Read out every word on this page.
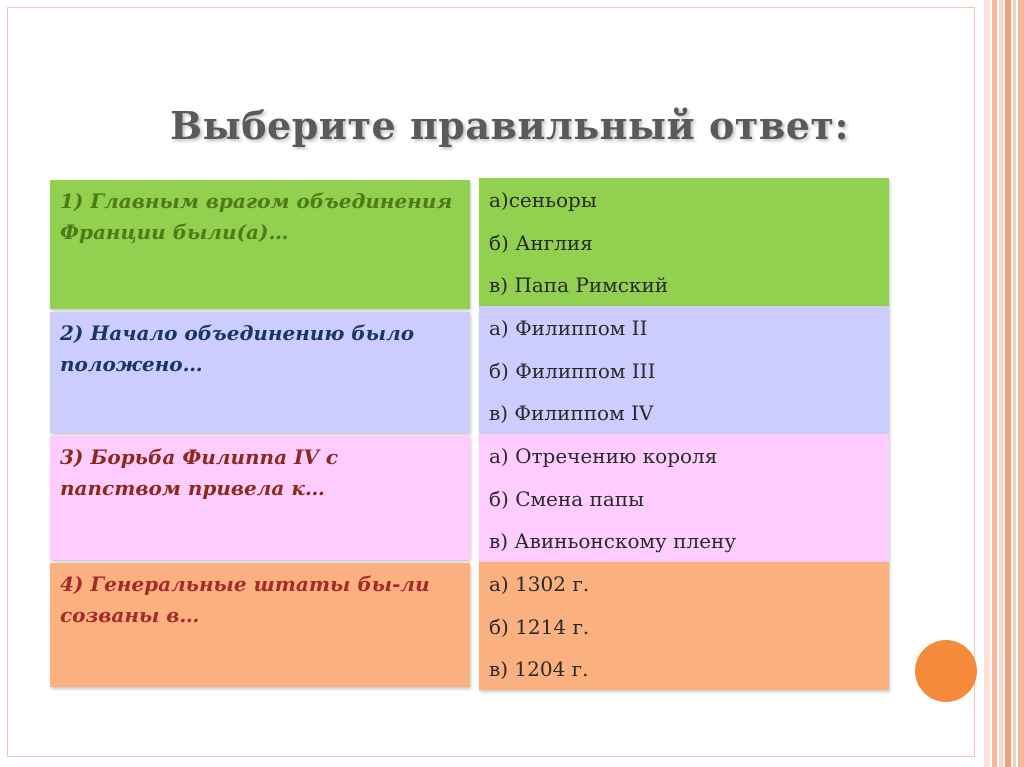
Выберите правильный ответ:
1) Главным врагом объединения Франции были(а)…
2) Начало объединению было положено…
3) Борьба Филиппа IV с папством привела к…
4) Генеральные штаты бы-ли созваны в…
а)сеньоры
б) Англия
в) Папа Римский
а) Филиппом II
б) Филиппом III
в) Филиппом IV
а) Отречению короля
б) Смена папы
в) Авиньонскому плену
а) 1302 г.
б) 1214 г.
в) 1204 г.
